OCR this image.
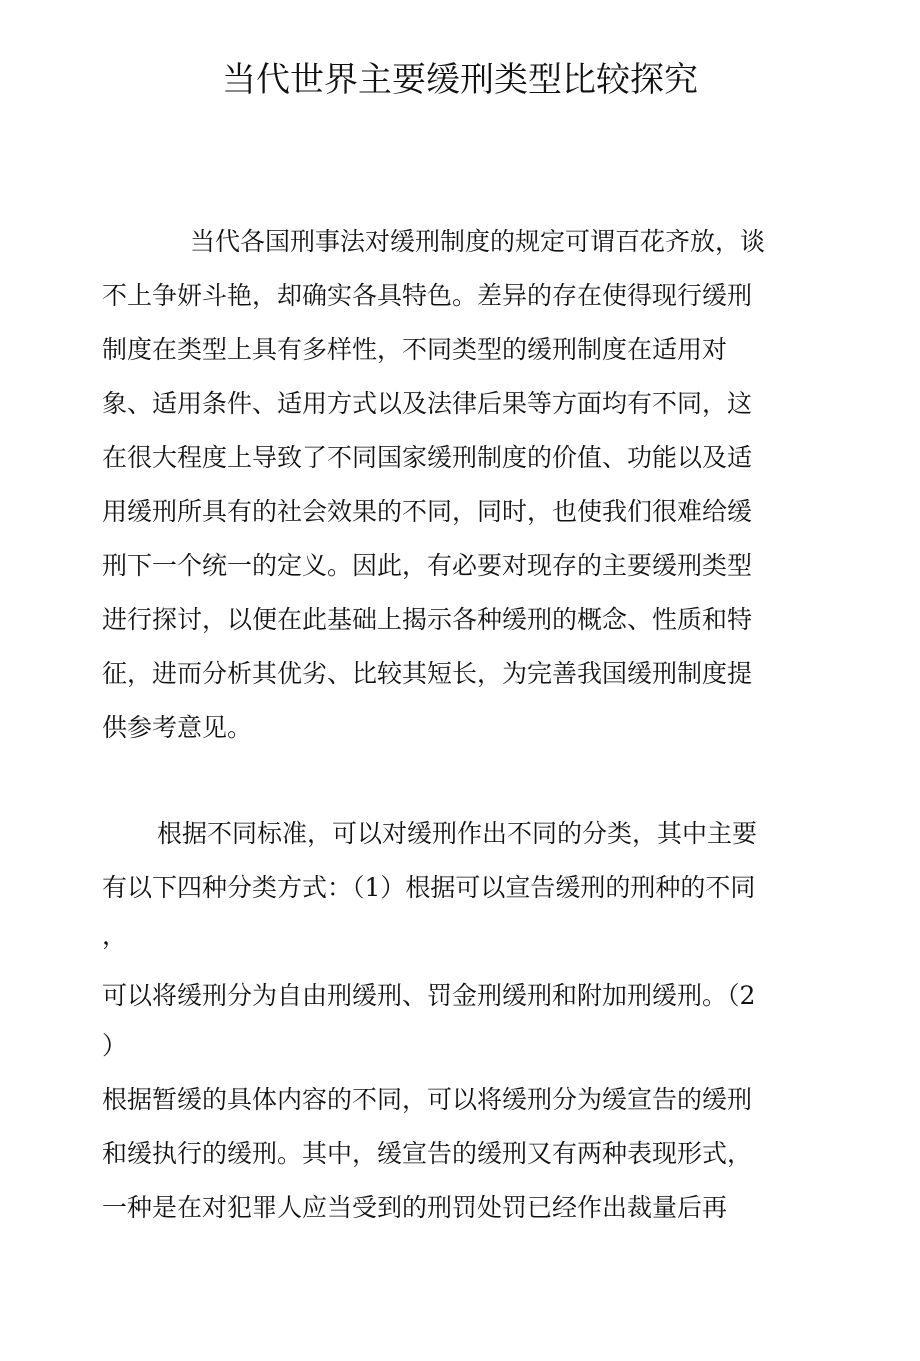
当代世界主要缓刑类型比较探究

当代各国刑事法对缓刑制度的规定可谓百花齐放，谈

不上争妍斗艳，却确实各具特色。差异的存在使得现行缓刑

制度在类型上具有多样性，不同类型的缓刑制度在适用对

象、适用条件、适用方式以及法律后果等方面均有不同，这

在很大程度上导致了不同国家缓刑制度的价值、功能以及适

用缓刑所具有的社会效果的不同，同时，也使我们很难给缓

刑下一个统一的定义。因此，有必要对现存的主要缓刑类型

进行探讨，以便在此基础上揭示各种缓刑的概念、性质和特

征，进而分析其优劣、比较其短长，为完善我国缓刑制度提

供参考意见。

根据不同标准，可以对缓刑作出不同的分类，其中主要

有以下四种分类方式：（1）根据可以宣告缓刑的刑种的不同

，

可以将缓刑分为自由刑缓刑、罚金刑缓刑和附加刑缓刑。（2

）

根据暂缓的具体内容的不同，可以将缓刑分为缓宣告的缓刑

和缓执行的缓刑。其中，缓宣告的缓刑又有两种表现形式，

一种是在对犯罪人应当受到的刑罚处罚已经作出裁量后再
